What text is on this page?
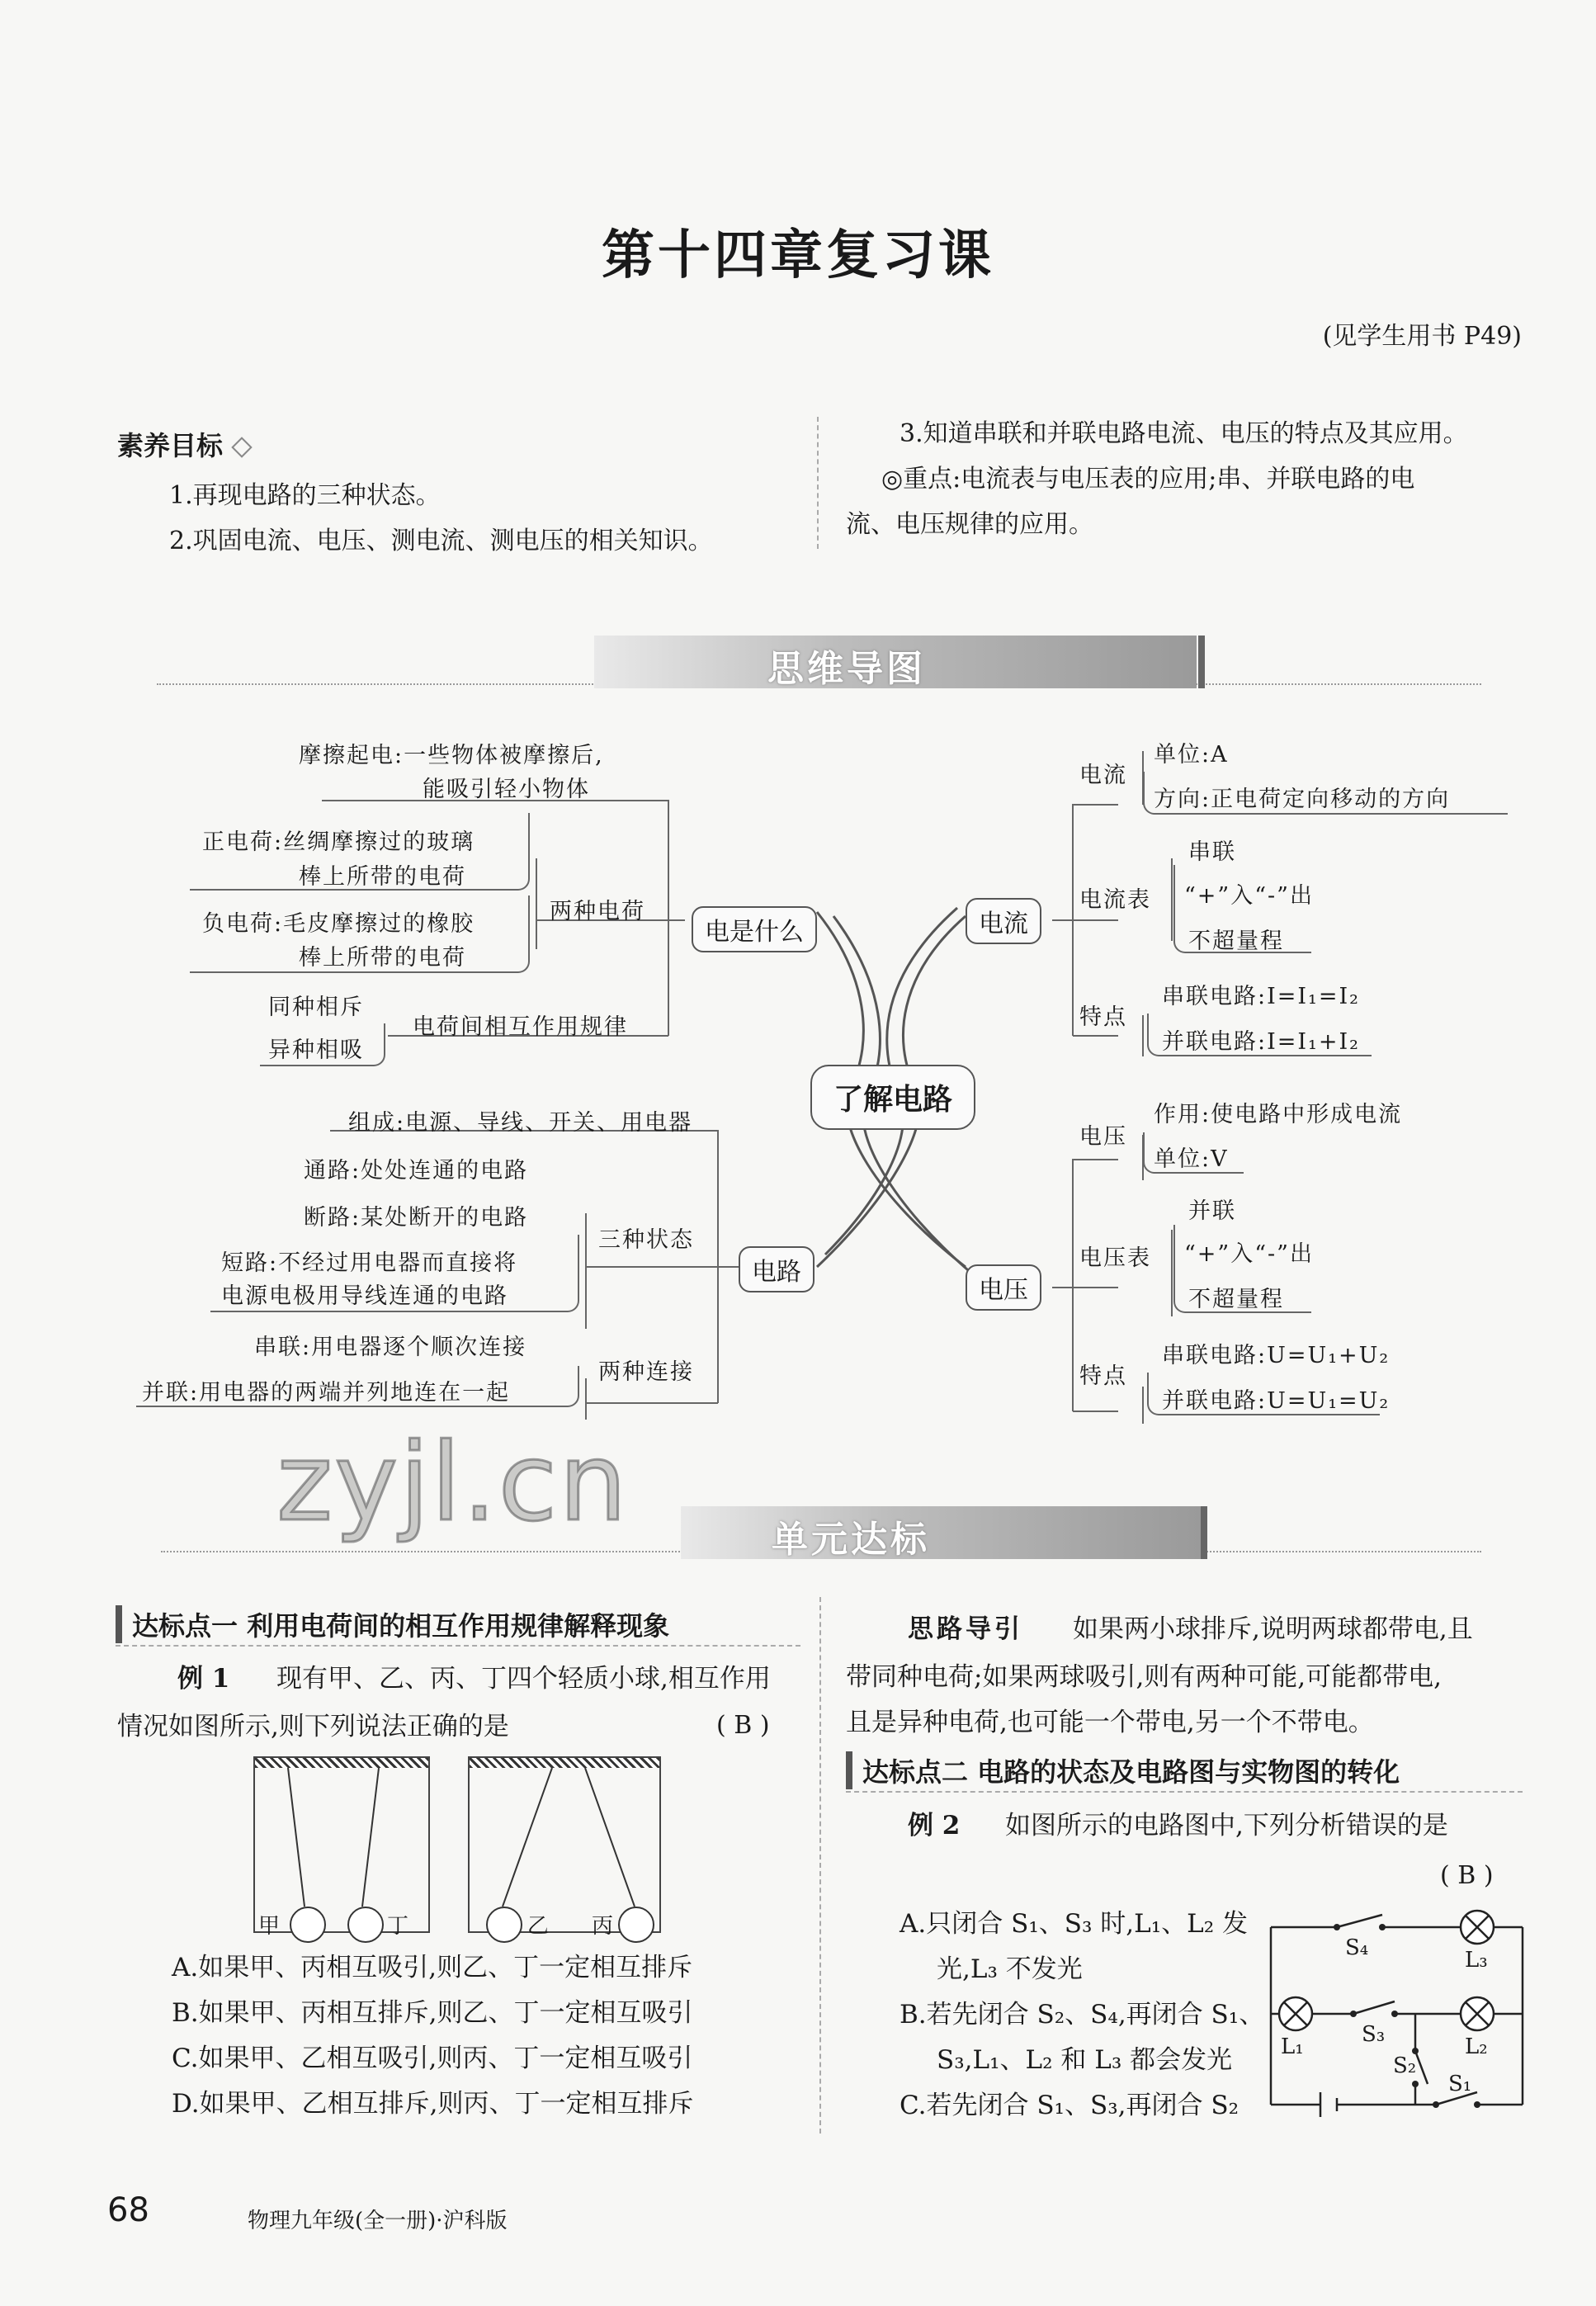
第十四章复习课
(见学生用书 P49)
素养目标
1.再现电路的三种状态。
2.巩固电流、电压、测电流、测电压的相关知识。
3.知道串联和并联电路电流、电压的特点及其应用。
◎重点:电流表与电压表的应用;串、并联电路的电
流、电压规律的应用。
思维导图
了解电路
电是什么
摩擦起电:一些物体被摩擦后,
能吸引轻小物体
两种电荷
正电荷:丝绸摩擦过的玻璃
棒上所带的电荷
负电荷:毛皮摩擦过的橡胶
棒上所带的电荷
电荷间相互作用规律
同种相斥
异种相吸
电路
组成:电源、导线、开关、用电器
三种状态
通路:处处连通的电路
断路:某处断开的电路
短路:不经过用电器而直接将
电源电极用导线连通的电路
两种连接
串联:用电器逐个顺次连接
并联:用电器的两端并列地连在一起
电流
电流
单位:A
方向:正电荷定向移动的方向
电流表
串联
“+”入“-”出
不超量程
特点
串联电路:I=I₁=I₂
并联电路:I=I₁+I₂
电压
电压
作用:使电路中形成电流
单位:V
电压表
并联
“+”入“-”出
不超量程
特点
串联电路:U=U₁+U₂
并联电路:U=U₁=U₂
zyjl.cn	单元达标
达标点一 利用电荷间的相互作用规律解释现象
例 1 现有甲、乙、丙、丁四个轻质小球,相互作用
情况如图所示,则下列说法正确的是	( B )
甲	丁	乙 丙
A.如果甲、丙相互吸引,则乙、丁一定相互排斥
B.如果甲、丙相互排斥,则乙、丁一定相互吸引
C.如果甲、乙相互吸引,则丙、丁一定相互吸引
D.如果甲、乙相互排斥,则丙、丁一定相互排斥
思路导引 如果两小球排斥,说明两球都带电,且
带同种电荷;如果两球吸引,则有两种可能,可能都带电,
且是异种电荷,也可能一个带电,另一个不带电。
达标点二 电路的状态及电路图与实物图的转化
例 2 如图所示的电路图中,下列分析错误的是
( B )
A.只闭合 S₁、S₃ 时,L₁、L₂ 发
光,L₃ 不发光
B.若先闭合 S₂、S₄,再闭合 S₁、
S₃,L₁、L₂ 和 L₃ 都会发光
C.若先闭合 S₁、S₃,再闭合 S₂
S₄	L₃
L₁	S₃	L₂
S₂
S₁
68	物理九年级(全一册)·沪科版
